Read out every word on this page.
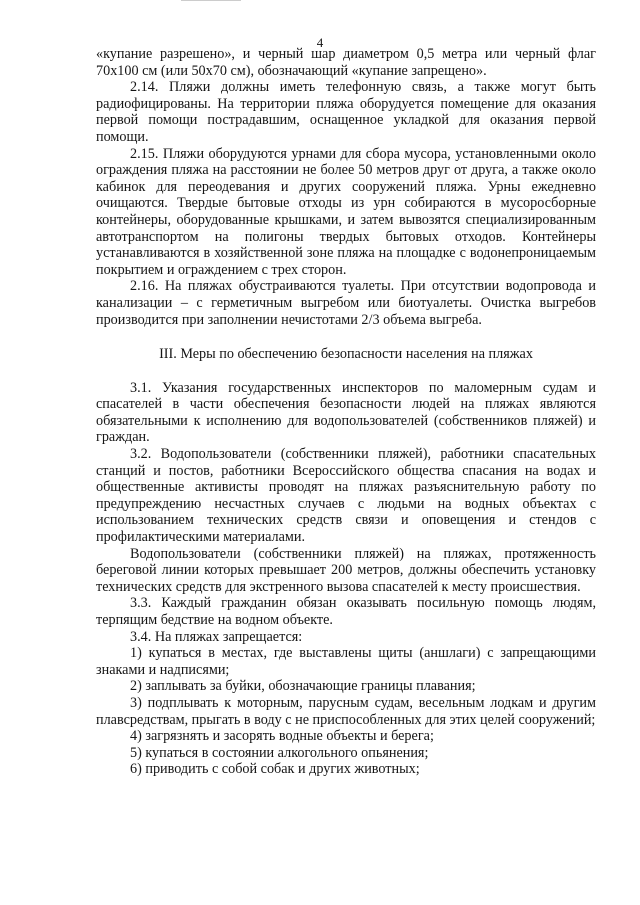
4

«купание разрешено», и черный шар диаметром 0,5 метра или черный флаг 70x100 см (или 50x70 см), обозначающий «купание запрещено».

2.14. Пляжи должны иметь телефонную связь, а также могут быть радиофицированы. На территории пляжа оборудуется помещение для оказания первой помощи пострадавшим, оснащенное укладкой для оказания первой помощи.

2.15. Пляжи оборудуются урнами для сбора мусора, установленными около ограждения пляжа на расстоянии не более 50 метров друг от друга, а также около кабинок для переодевания и других сооружений пляжа. Урны ежедневно очищаются. Твердые бытовые отходы из урн собираются в мусоросборные контейнеры, оборудованные крышками, и затем вывозятся специализированным автотранспортом на полигоны твердых бытовых отходов. Контейнеры устанавливаются в хозяйственной зоне пляжа на площадке с водонепроницаемым покрытием и ограждением с трех сторон.

2.16. На пляжах обустраиваются туалеты. При отсутствии водопровода и канализации – с герметичным выгребом или биотуалеты. Очистка выгребов производится при заполнении нечистотами 2/3 объема выгреба.

III. Меры по обеспечению безопасности населения на пляжах

3.1. Указания государственных инспекторов по маломерным судам и спасателей в части обеспечения безопасности людей на пляжах являются обязательными к исполнению для водопользователей (собственников пляжей) и граждан.

3.2. Водопользователи (собственники пляжей), работники спасательных станций и постов, работники Всероссийского общества спасания на водах и общественные активисты проводят на пляжах разъяснительную работу по предупреждению несчастных случаев с людьми на водных объектах с использованием технических средств связи и оповещения и стендов с профилактическими материалами.

Водопользователи (собственники пляжей) на пляжах, протяженность береговой линии которых превышает 200 метров, должны обеспечить установку технических средств для экстренного вызова спасателей к месту происшествия.

3.3. Каждый гражданин обязан оказывать посильную помощь людям, терпящим бедствие на водном объекте.

3.4. На пляжах запрещается:

1) купаться в местах, где выставлены щиты (аншлаги) с запрещающими знаками и надписями;

2) заплывать за буйки, обозначающие границы плавания;

3) подплывать к моторным, парусным судам, весельным лодкам и другим плавсредствам, прыгать в воду с не приспособленных для этих целей сооружений;

4) загрязнять и засорять водные объекты и берега;

5) купаться в состоянии алкогольного опьянения;

6) приводить с собой собак и других животных;
